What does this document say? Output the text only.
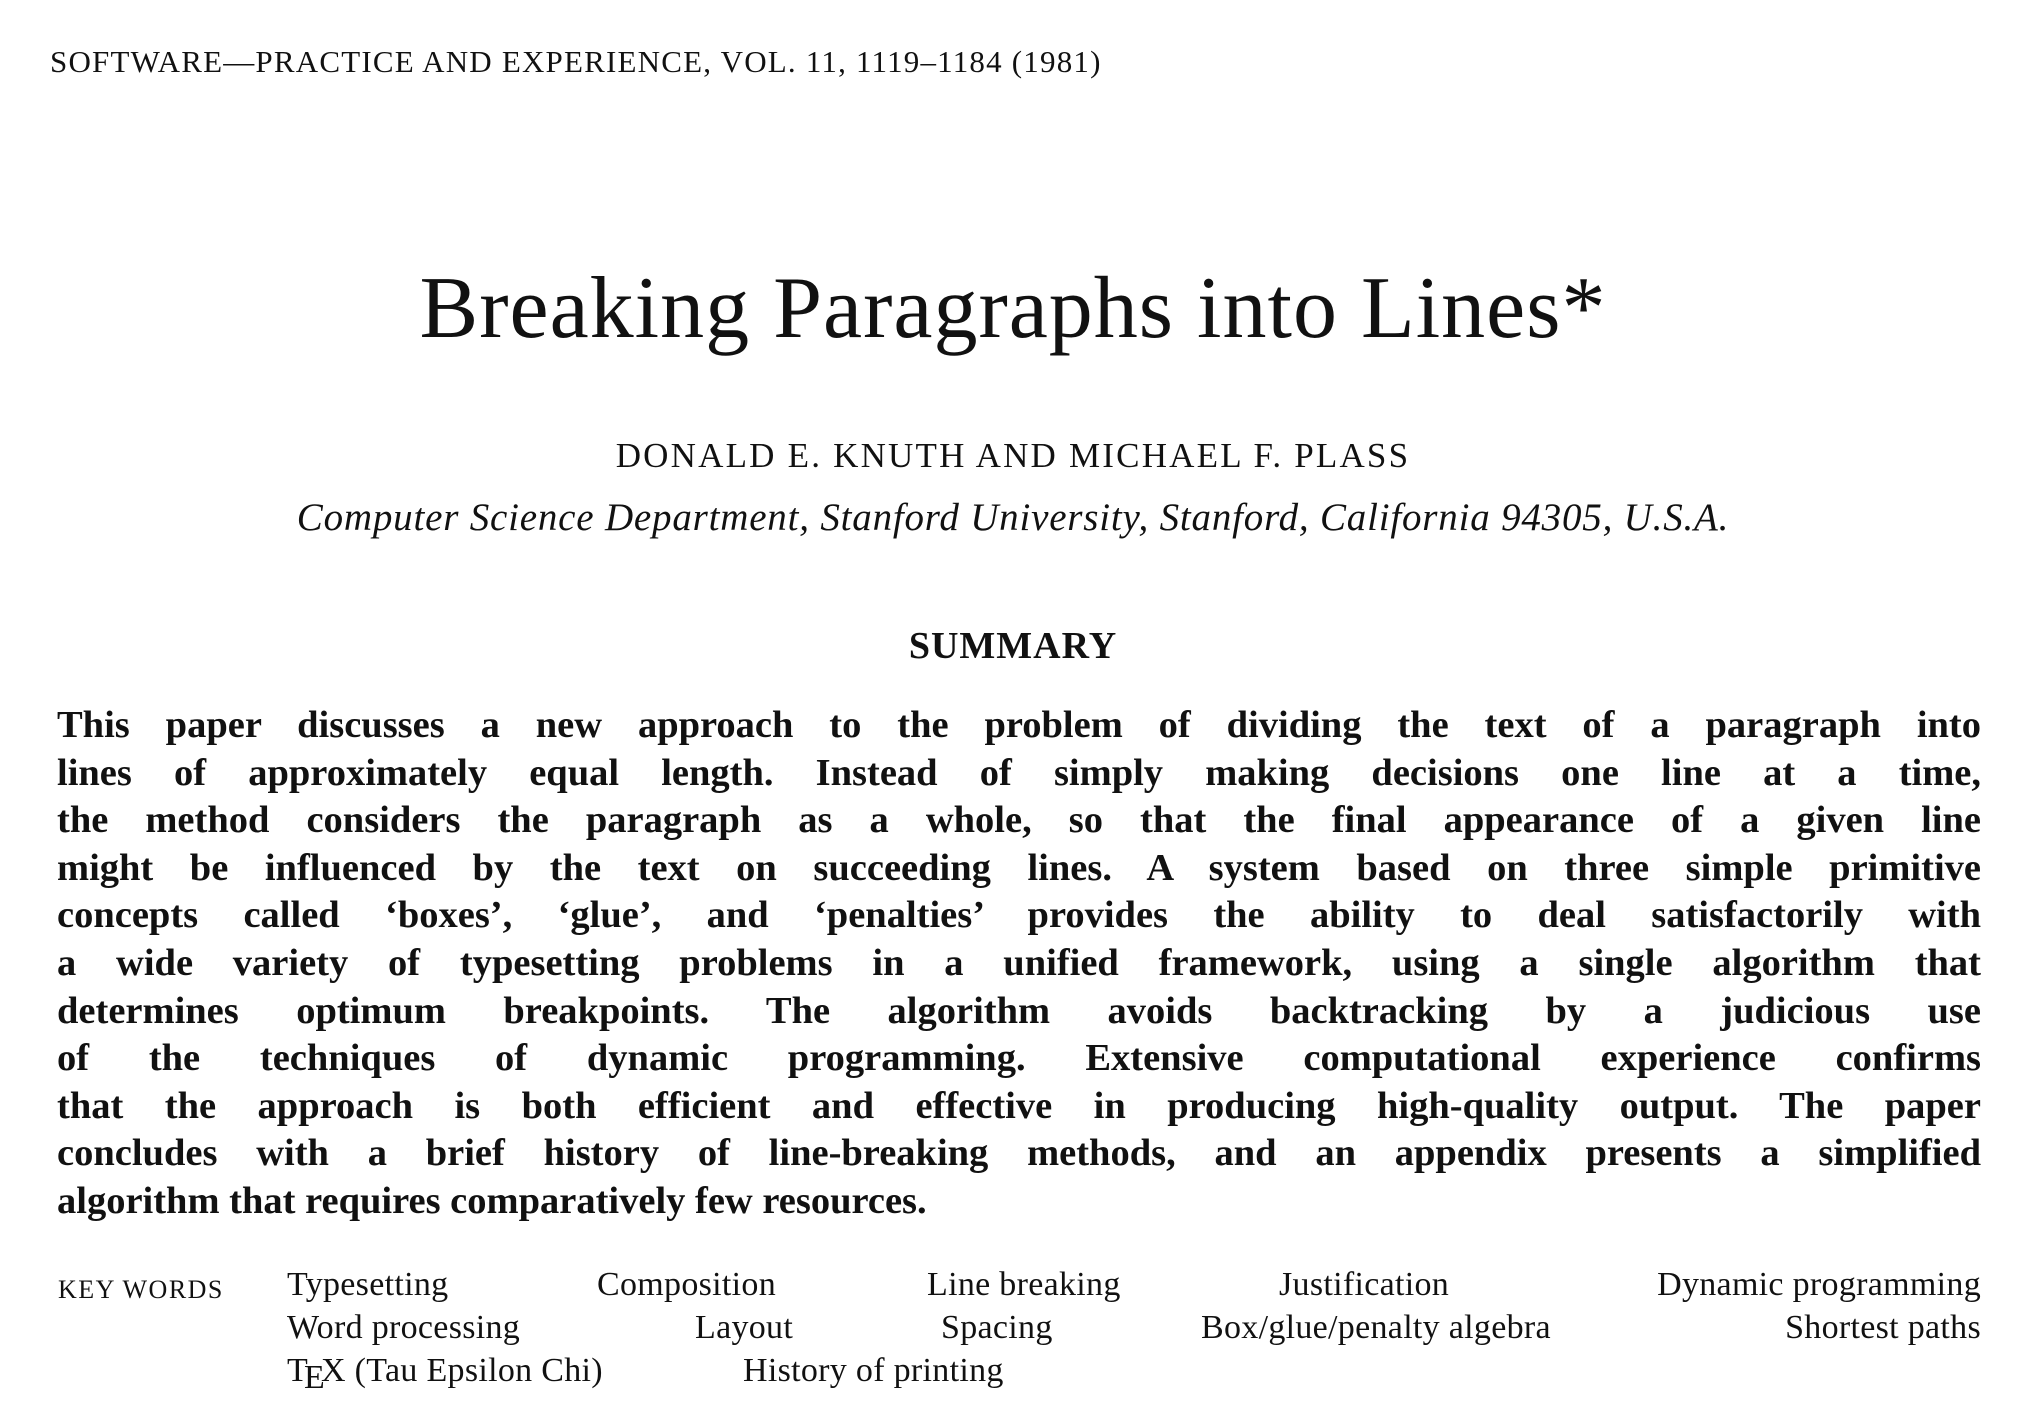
SOFTWARE—PRACTICE AND EXPERIENCE, VOL. 11, 1119–1184 (1981)
Breaking Paragraphs into Lines*
DONALD E. KNUTH AND MICHAEL F. PLASS
Computer Science Department, Stanford University, Stanford, California 94305, U.S.A.
SUMMARY
This paper discusses a new approach to the problem of dividing the text of a paragraph into
lines of approximately equal length. Instead of simply making decisions one line at a time,
the method considers the paragraph as a whole, so that the final appearance of a given line
might be influenced by the text on succeeding lines. A system based on three simple primitive
concepts called ‘boxes’, ‘glue’, and ‘penalties’ provides the ability to deal satisfactorily with
a wide variety of typesetting problems in a unified framework, using a single algorithm that
determines optimum breakpoints. The algorithm avoids backtracking by a judicious use
of the techniques of dynamic programming. Extensive computational experience confirms
that the approach is both efficient and effective in producing high-quality output. The paper
concludes with a brief history of line-breaking methods, and an appendix presents a simplified
algorithm that requires comparatively few resources.
KEY WORDS Typesetting	Composition	Line breaking	Justification	Dynamic programming
Word processing	Layout	Spacing	Box/glue/penalty algebra	Shortest paths
TEX (Tau Epsilon Chi)	History of printing
